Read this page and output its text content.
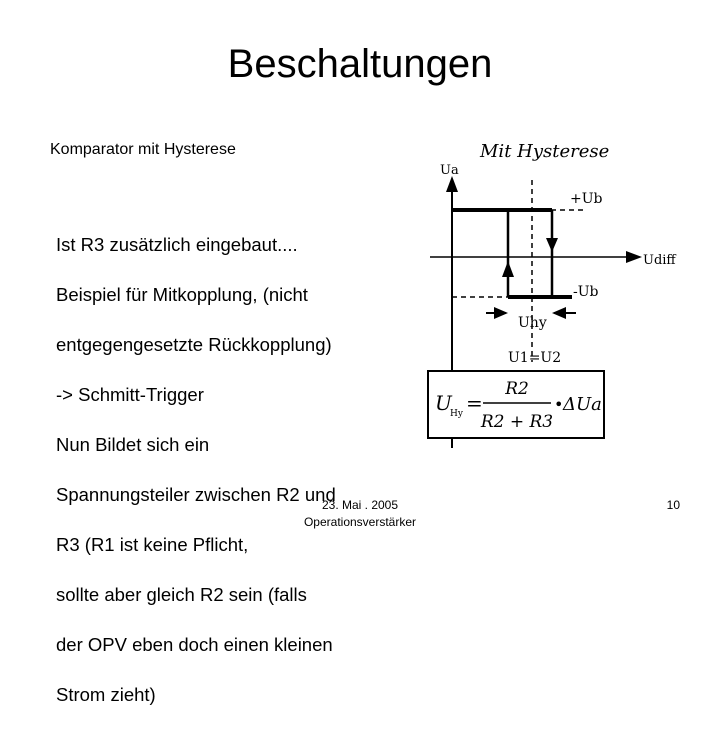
Beschaltungen
Komparator mit Hysterese

Ist R3 zusätzlich eingebaut....

Beispiel für Mitkopplung, (nicht

entgegengesetzte Rückkopplung)

-> Schmitt-Trigger

Nun Bildet sich ein

Spannungsteiler zwischen R2 und

R3 (R1 ist keine Pflicht,

sollte aber gleich R2 sein (falls

der OPV eben doch einen kleinen

Strom zieht)

Mit Hysterese
Ua
Udiff
+Ub
-Ub
Uhy
U1=U2
U
Hy =
R2
R2 + R3
• ΔUa
23. Mai . 2005
Operationsverstärker
10
